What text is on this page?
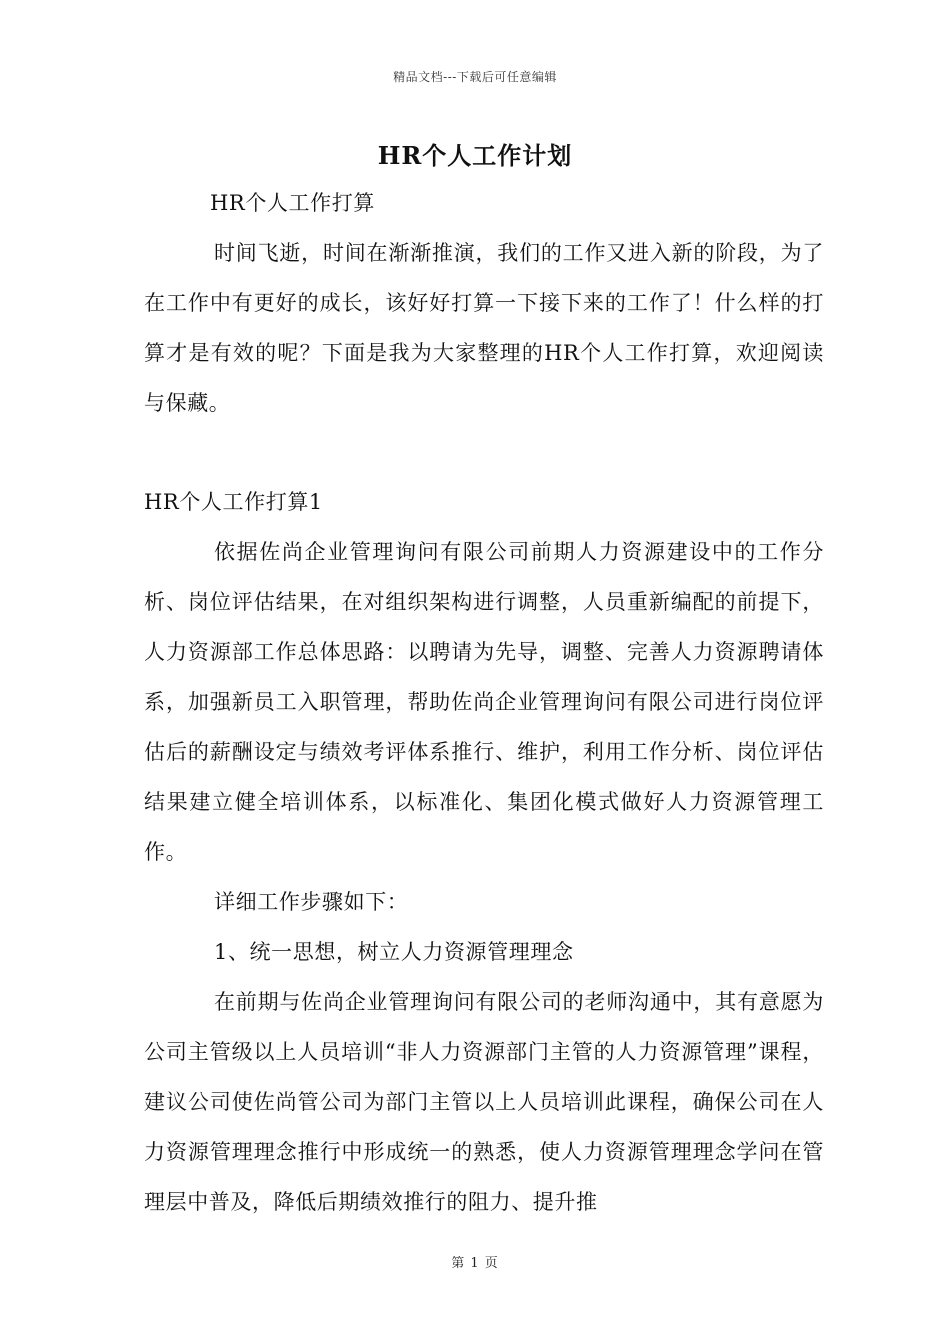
精品文档---下载后可任意编辑
HR个人工作计划

HR个人工作打算

时间飞逝，时间在渐渐推演，我们的工作又进入新的阶段，为了在工作中有更好的成长，该好好打算一下接下来的工作了！什么样的打算才是有效的呢？下面是我为大家整理的HR个人工作打算，欢迎阅读与保藏。

HR个人工作打算1

依据佐尚企业管理询问有限公司前期人力资源建设中的工作分析、岗位评估结果，在对组织架构进行调整，人员重新编配的前提下，人力资源部工作总体思路：以聘请为先导，调整、完善人力资源聘请体系，加强新员工入职管理，帮助佐尚企业管理询问有限公司进行岗位评估后的薪酬设定与绩效考评体系推行、维护，利用工作分析、岗位评估结果建立健全培训体系，以标准化、集团化模式做好人力资源管理工作。

详细工作步骤如下：

1、统一思想，树立人力资源管理理念

在前期与佐尚企业管理询问有限公司的老师沟通中，其有意愿为公司主管级以上人员培训“非人力资源部门主管的人力资源管理”课程，建议公司使佐尚管公司为部门主管以上人员培训此课程，确保公司在人力资源管理理念推行中形成统一的熟悉，使人力资源管理理念学问在管理层中普及，降低后期绩效推行的阻力、提升推

第 1 页
